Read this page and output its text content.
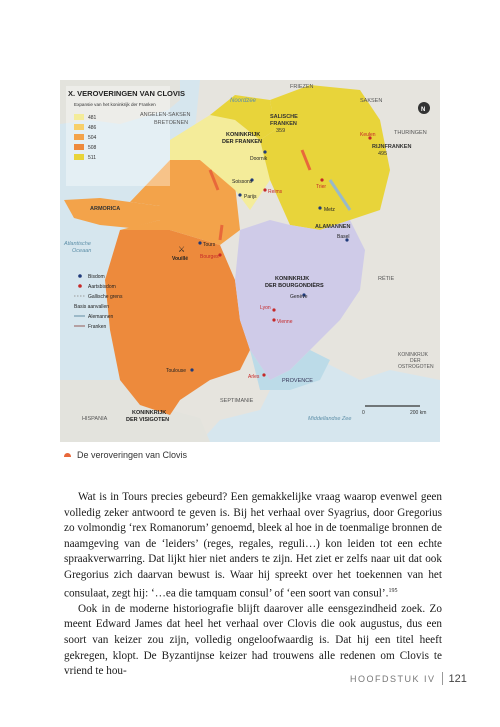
X. VEROVERINGEN VAN CLOVIS
Expansie van het koninkrijk der Franken
481
486
504
508
511
Bisdom
Aartsbisdom
Gallische grens
Basis aanvallen
Alemannen
Franken
N
FRIEZEN
SAKSEN
ANGELEN-SAKSEN
BRETOENEN
SALISCHE
FRANKEN
359
KONINKRIJK
DER FRANKEN
RIJNFRANKEN
495
THURINGEN
ARMORICA
ALAMANNEN
KONINKRIJK
DER BOURGONDIËRS
RÉTIE
KONINKRIJK
DER
OSTROGOTEN
PROVENCE
SEPTIMANIE
KONINKRIJK
DER VISIGOTEN
HISPANIA
Noordzee
Atlantische
Oceaan
Middellandse Zee
Keulen
Doornik
Soissons
Parijs
Reims
Trier
Metz
Tours
Bourges
⚔
Vouillé
Basel
Genève
Lyon
Vienne
Toulouse
Arles
0	200 km
De veroveringen van Clovis

Wat is in Tours precies gebeurd? Een gemakkelijke vraag waarop evenwel geen volledig zeker antwoord te geven is. Bij het verhaal over Syagrius, door Gregorius zo volmondig ‘rex Romanorum’ genoemd, bleek al hoe in de toenmalige bronnen de naamgeving van de ‘leiders’ (reges, regales, reguli…) kon leiden tot een echte spraakverwarring. Dat lijkt hier niet anders te zijn. Het ziet er zelfs naar uit dat ook Gregorius zich daarvan bewust is. Waar hij spreekt over het toekennen van het consulaat, zegt hij: ‘…ea die tamquam consul’ of ‘een soort van consul’.$^{195}$

Ook in de moderne historiografie blijft daarover alle eensgezindheid zoek. Zo meent Edward James dat heel het verhaal over Clovis die ook augustus, dus een soort van keizer zou zijn, volledig ongeloofwaardig is. Dat hij een titel heeft gekregen, klopt. De Byzantijnse keizer had trouwens alle redenen om Clovis te vriend te hou-

HOOFDSTUK IV 121
